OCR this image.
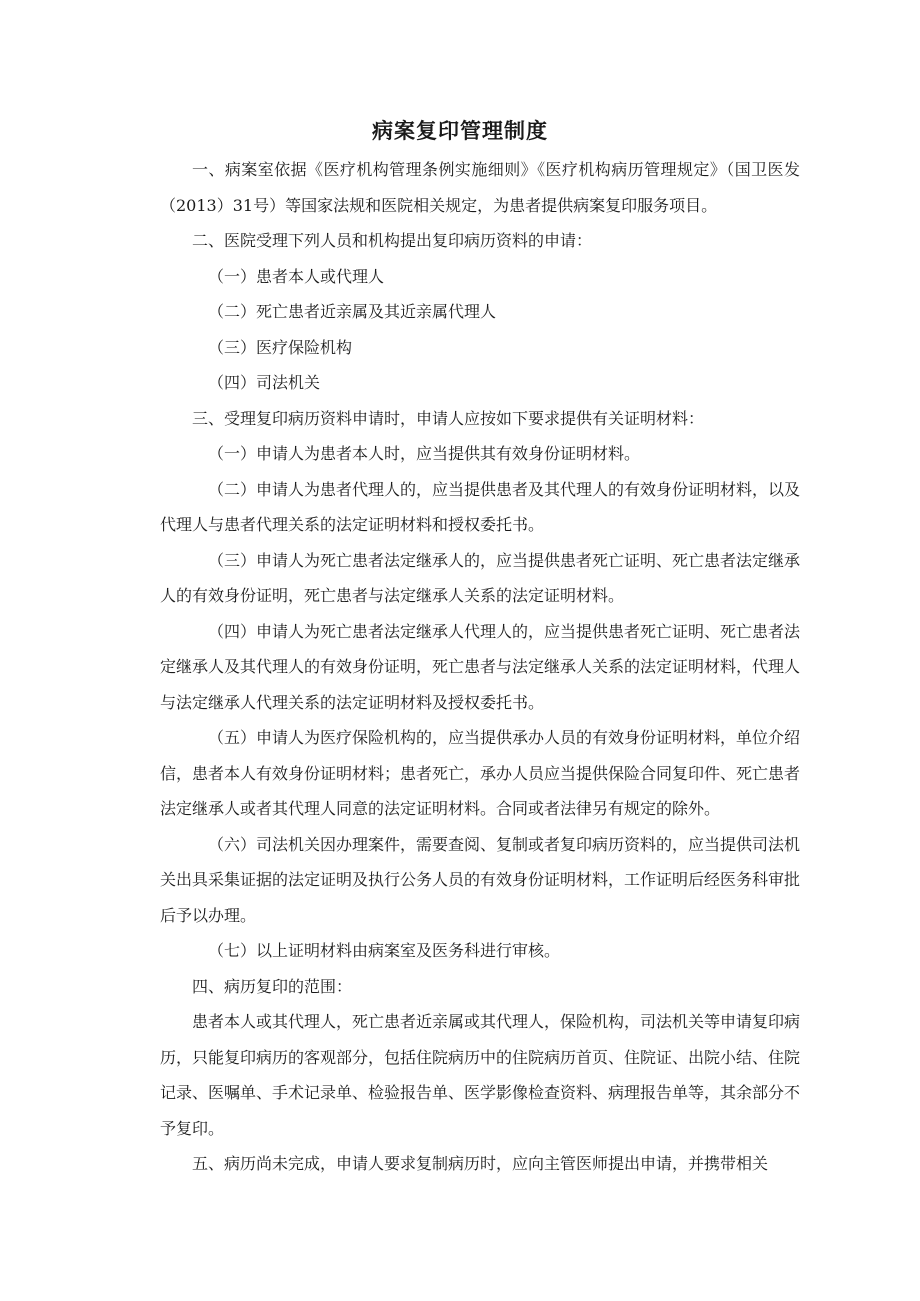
病案复印管理制度

一、病案室依据《医疗机构管理条例实施细则》《医疗机构病历管理规定》（国卫医发（2013）31号）等国家法规和医院相关规定，为患者提供病案复印服务项目。

二、医院受理下列人员和机构提出复印病历资料的申请：

（一）患者本人或代理人

（二）死亡患者近亲属及其近亲属代理人

（三）医疗保险机构

（四）司法机关

三、受理复印病历资料申请时，申请人应按如下要求提供有关证明材料：

（一）申请人为患者本人时，应当提供其有效身份证明材料。

（二）申请人为患者代理人的，应当提供患者及其代理人的有效身份证明材料，以及代理人与患者代理关系的法定证明材料和授权委托书。

（三）申请人为死亡患者法定继承人的，应当提供患者死亡证明、死亡患者法定继承人的有效身份证明，死亡患者与法定继承人关系的法定证明材料。

（四）申请人为死亡患者法定继承人代理人的，应当提供患者死亡证明、死亡患者法定继承人及其代理人的有效身份证明，死亡患者与法定继承人关系的法定证明材料，代理人与法定继承人代理关系的法定证明材料及授权委托书。

（五）申请人为医疗保险机构的，应当提供承办人员的有效身份证明材料，单位介绍信，患者本人有效身份证明材料；患者死亡，承办人员应当提供保险合同复印件、死亡患者法定继承人或者其代理人同意的法定证明材料。合同或者法律另有规定的除外。

（六）司法机关因办理案件，需要查阅、复制或者复印病历资料的，应当提供司法机关出具采集证据的法定证明及执行公务人员的有效身份证明材料，工作证明后经医务科审批后予以办理。

（七）以上证明材料由病案室及医务科进行审核。

四、病历复印的范围：

患者本人或其代理人，死亡患者近亲属或其代理人，保险机构，司法机关等申请复印病历，只能复印病历的客观部分，包括住院病历中的住院病历首页、住院证、出院小结、住院记录、医嘱单、手术记录单、检验报告单、医学影像检查资料、病理报告单等，其余部分不予复印。

五、病历尚未完成，申请人要求复制病历时，应向主管医师提出申请，并携带相关
